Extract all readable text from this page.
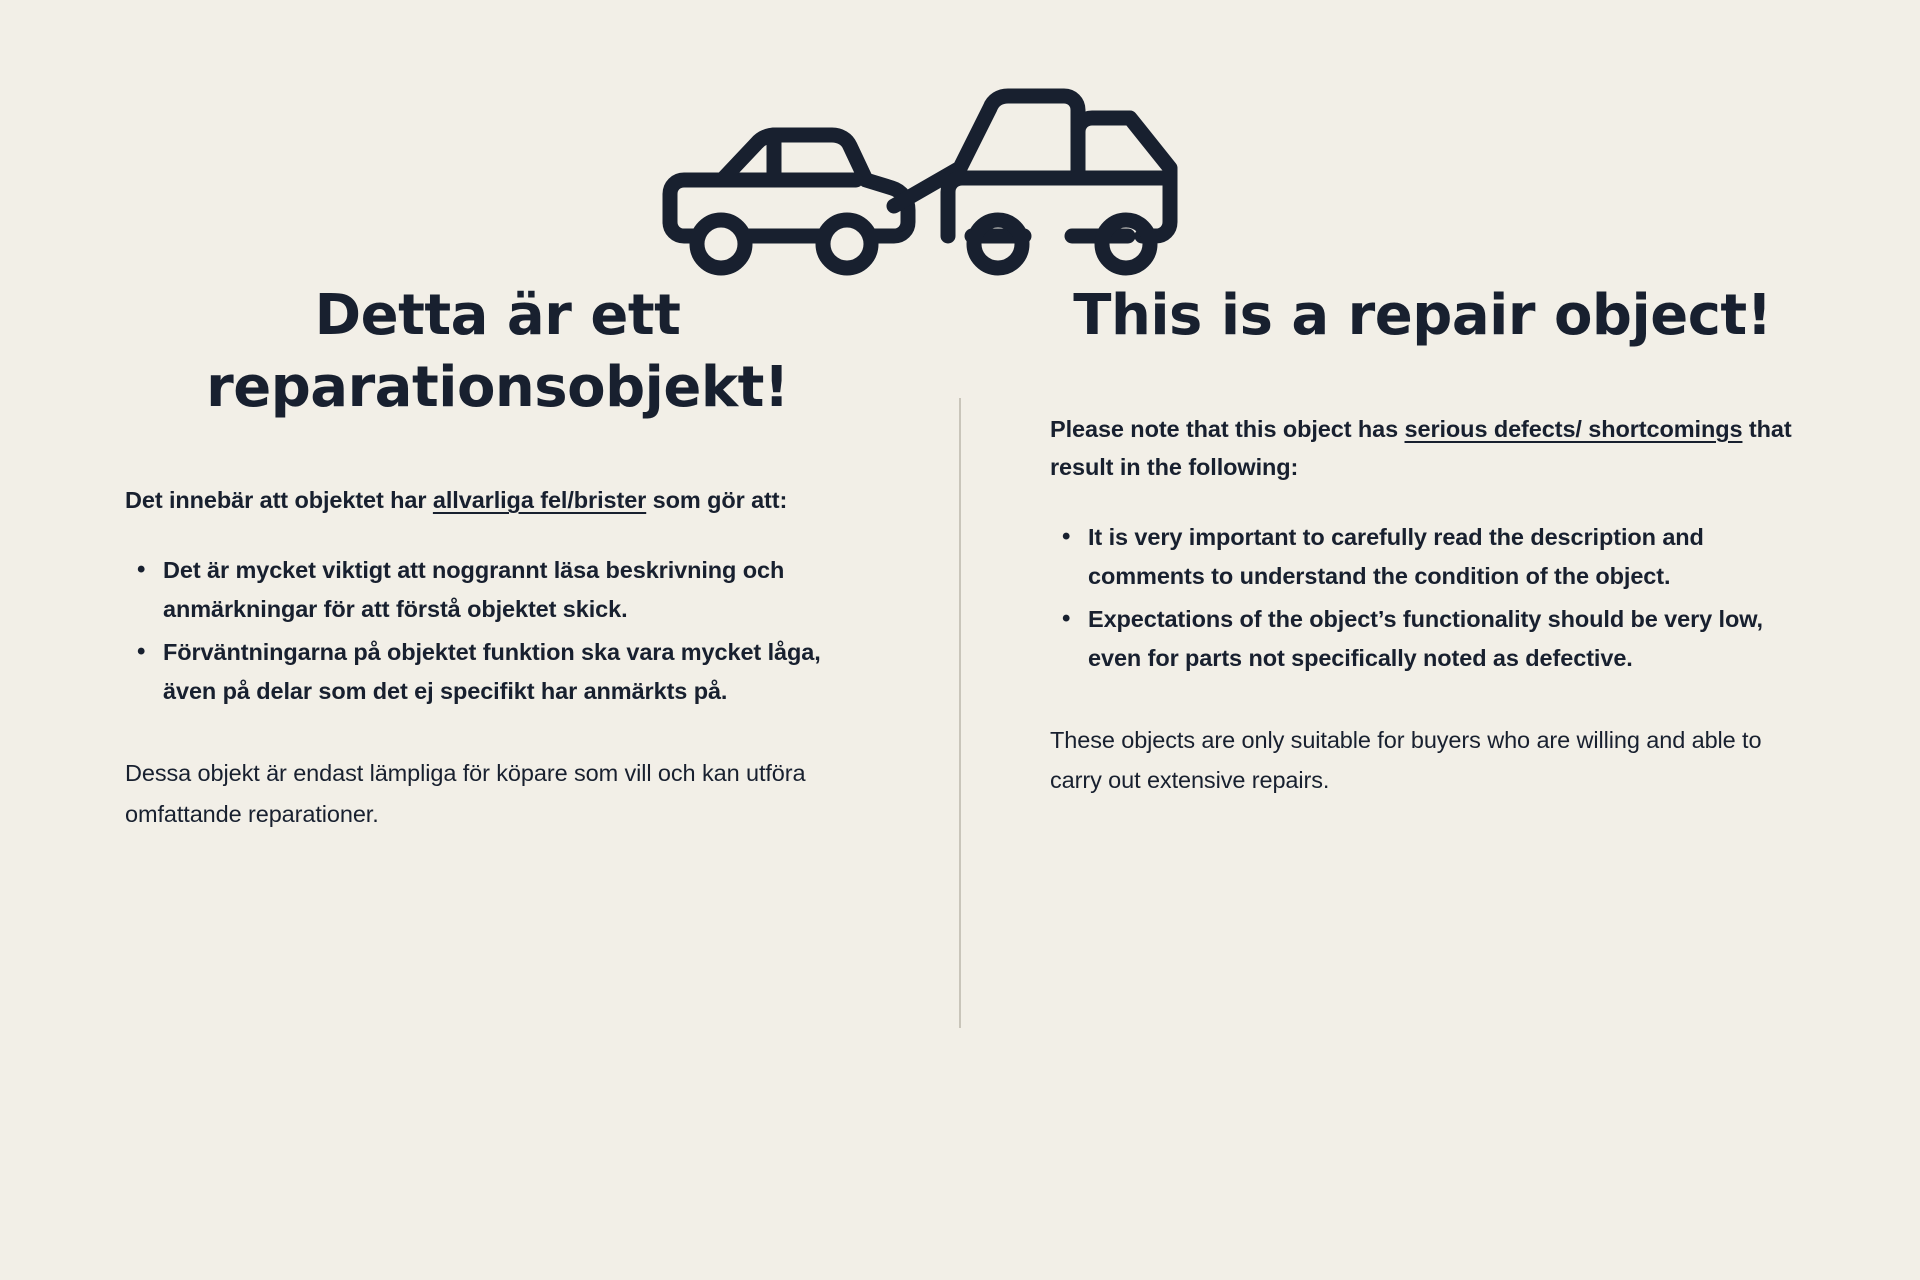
Detta är ett reparationsobjekt!

Det innebär att objektet har allvarliga fel/brister som gör att:

• Det är mycket viktigt att noggrannt läsa beskrivning och anmärkningar för att förstå objektet skick.
• Förväntningarna på objektet funktion ska vara mycket låga, även på delar som det ej specifikt har anmärkts på.

Dessa objekt är endast lämpliga för köpare som vill och kan utföra omfattande reparationer.

This is a repair object!

Please note that this object has serious defects/ shortcomings that result in the following:

• It is very important to carefully read the description and comments to understand the condition of the object.
• Expectations of the object’s functionality should be very low, even for parts not specifically noted as defective.

These objects are only suitable for buyers who are willing and able to carry out extensive repairs.
